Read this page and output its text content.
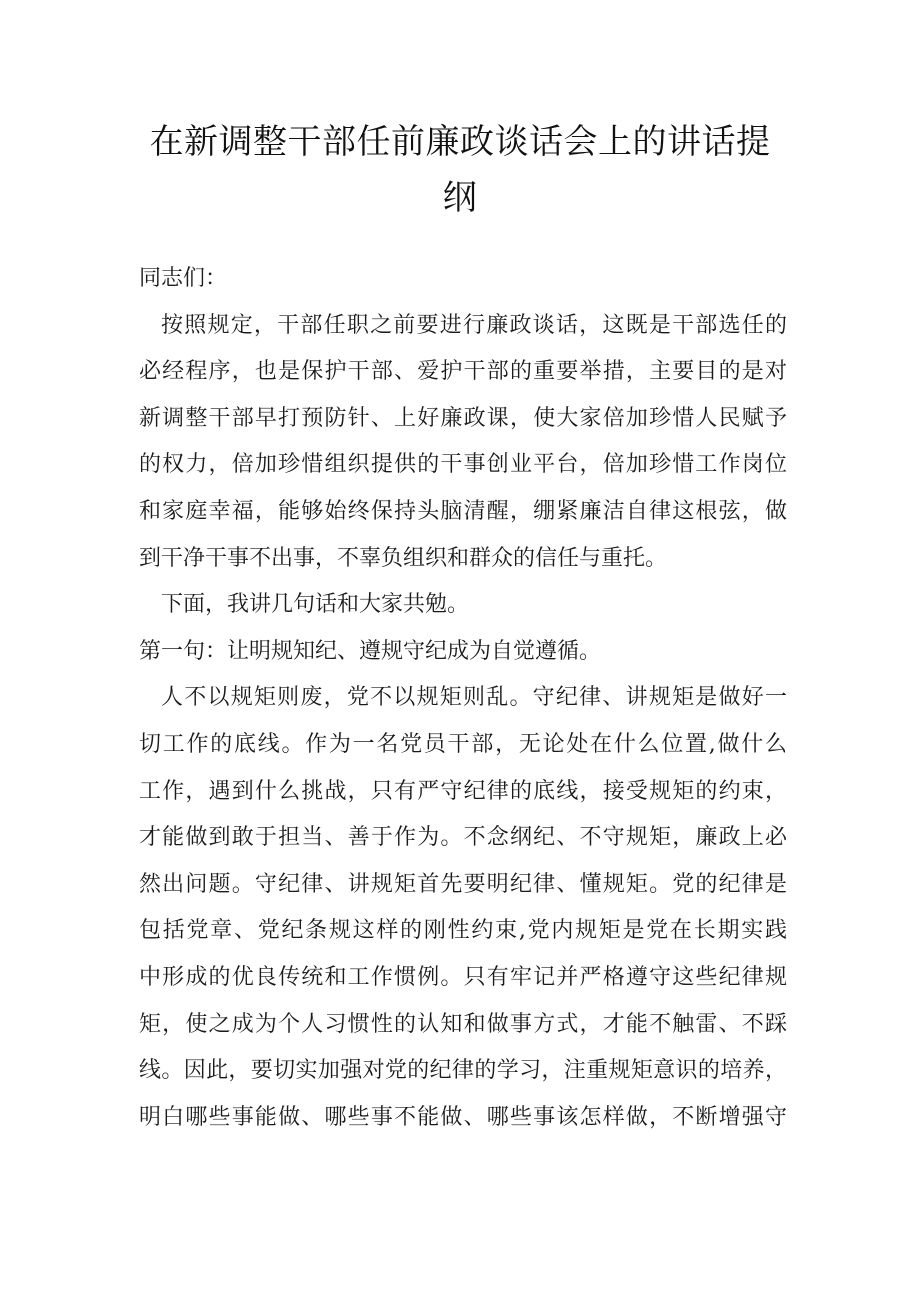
在新调整干部任前廉政谈话会上的讲话提
纲
同志们：
按照规定，干部任职之前要进行廉政谈话，这既是干部选任的
必经程序，也是保护干部、爱护干部的重要举措，主要目的是对
新调整干部早打预防针、上好廉政课，使大家倍加珍惜人民赋予
的权力，倍加珍惜组织提供的干事创业平台，倍加珍惜工作岗位
和家庭幸福，能够始终保持头脑清醒，绷紧廉洁自律这根弦，做
到干净干事不出事，不辜负组织和群众的信任与重托。
下面，我讲几句话和大家共勉。
第一句：让明规知纪、遵规守纪成为自觉遵循。
人不以规矩则废，党不以规矩则乱。守纪律、讲规矩是做好一
切工作的底线。作为一名党员干部，无论处在什么位置,做什么
工作，遇到什么挑战，只有严守纪律的底线，接受规矩的约束，
才能做到敢于担当、善于作为。不念纲纪、不守规矩，廉政上必
然出问题。守纪律、讲规矩首先要明纪律、懂规矩。党的纪律是
包括党章、党纪条规这样的刚性约束,党内规矩是党在长期实践
中形成的优良传统和工作惯例。只有牢记并严格遵守这些纪律规
矩，使之成为个人习惯性的认知和做事方式，才能不触雷、不踩
线。因此，要切实加强对党的纪律的学习，注重规矩意识的培养，
明白哪些事能做、哪些事不能做、哪些事该怎样做，不断增强守
